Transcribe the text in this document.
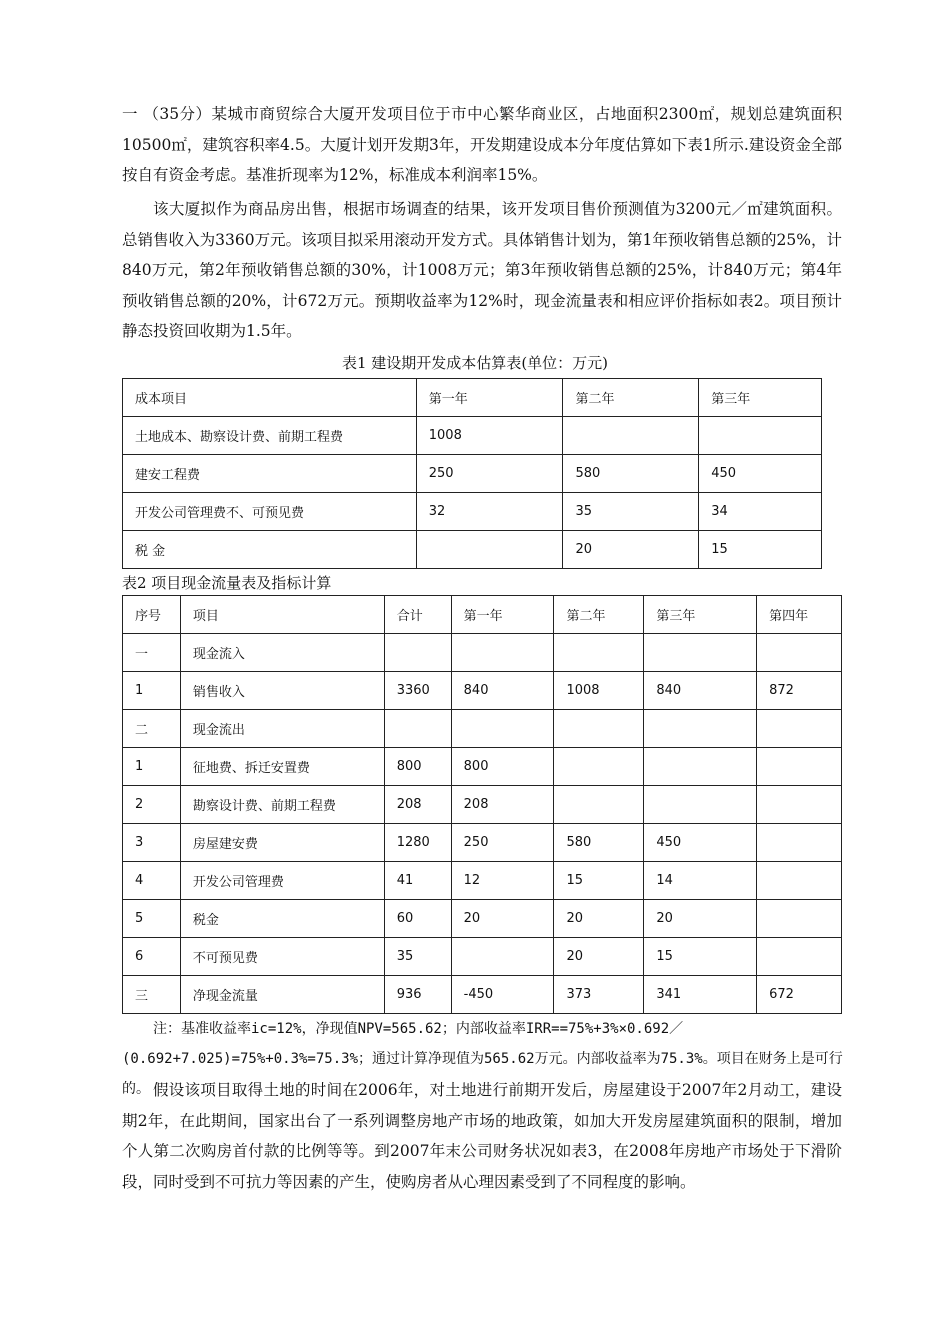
一 （35分）某城市商贸综合大厦开发项目位于市中心繁华商业区，占地面积2300㎡，规划总建筑面积10500㎡，建筑容积率4.5。大厦计划开发期3年，开发期建设成本分年度估算如下表1所示.建设资金全部按自有资金考虑。基准折现率为12%，标准成本利润率15%。

该大厦拟作为商品房出售，根据市场调查的结果，该开发项目售价预测值为3200元／㎡建筑面积。总销售收入为3360万元。该项目拟采用滚动开发方式。具体销售计划为，第1年预收销售总额的25%，计840万元，第2年预收销售总额的30%，计1008万元；第3年预收销售总额的25%，计840万元；第4年预收销售总额的20%，计672万元。预期收益率为12%时，现金流量表和相应评价指标如表2。项目预计静态投资回收期为1.5年。

表1 建设期开发成本估算表(单位：万元)

成本项目	第一年	第二年	第三年
土地成本、勘察设计费、前期工程费	1008		
建安工程费	250	580	450
开发公司管理费不、可预见费	32	35	34
税 金		20	15

表2 项目现金流量表及指标计算

序号	项目	合计	第一年	第二年	第三年	第四年
一	现金流入					
1	销售收入	3360	840	1008	840	872
二	现金流出					
1	征地费、拆迁安置费	800	800			
2	勘察设计费、前期工程费	208	208			
3	房屋建安费	1280	250	580	450	
4	开发公司管理费	41	12	15	14	
5	税金	60	20	20	20	
6	不可预见费	35		20	15	
三	净现金流量	936	-450	373	341	672

注：基准收益率ic=12%，净现值NPV=565.62；内部收益率IRR==75%+3%×0.692／(0.692+7.025)=75%+0.3%=75.3%；通过计算净现值为565.62万元。内部收益率为75.3%。项目在财务上是可行的。 假设该项目取得土地的时间在2006年，对土地进行前期开发后，房屋建设于2007年2月动工，建设期2年，在此期间，国家出台了一系列调整房地产市场的地政策，如加大开发房屋建筑面积的限制，增加个人第二次购房首付款的比例等等。到2007年末公司财务状况如表3，在2008年房地产市场处于下滑阶段，同时受到不可抗力等因素的产生，使购房者从心理因素受到了不同程度的影响。
